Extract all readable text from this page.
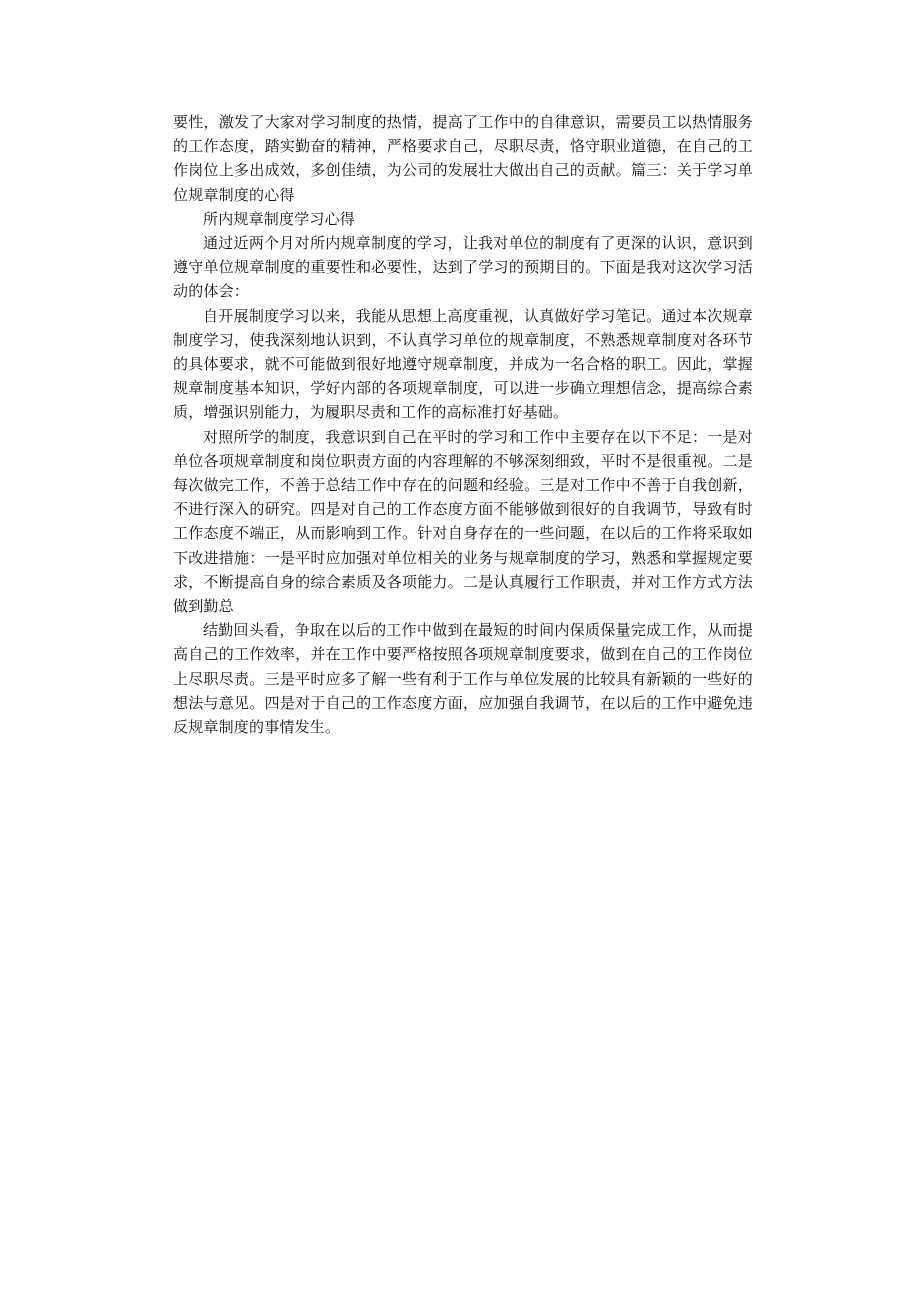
要性，激发了大家对学习制度的热情，提高了工作中的自律意识，需要员工以热情服务的工作态度，踏实勤奋的精神，严格要求自己，尽职尽责，恪守职业道德，在自己的工作岗位上多出成效，多创佳绩，为公司的发展壮大做出自己的贡献。篇三：关于学习单位规章制度的心得

所内规章制度学习心得

通过近两个月对所内规章制度的学习，让我对单位的制度有了更深的认识，意识到遵守单位规章制度的重要性和必要性，达到了学习的预期目的。下面是我对这次学习活动的体会：

自开展制度学习以来，我能从思想上高度重视，认真做好学习笔记。通过本次规章制度学习，使我深刻地认识到，不认真学习单位的规章制度，不熟悉规章制度对各环节的具体要求，就不可能做到很好地遵守规章制度，并成为一名合格的职工。因此，掌握规章制度基本知识，学好内部的各项规章制度，可以进一步确立理想信念，提高综合素质，增强识别能力，为履职尽责和工作的高标准打好基础。

对照所学的制度，我意识到自己在平时的学习和工作中主要存在以下不足：一是对单位各项规章制度和岗位职责方面的内容理解的不够深刻细致，平时不是很重视。二是每次做完工作，不善于总结工作中存在的问题和经验。三是对工作中不善于自我创新，不进行深入的研究。四是对自己的工作态度方面不能够做到很好的自我调节，导致有时工作态度不端正，从而影响到工作。针对自身存在的一些问题，在以后的工作将采取如下改进措施：一是平时应加强对单位相关的业务与规章制度的学习，熟悉和掌握规定要求，不断提高自身的综合素质及各项能力。二是认真履行工作职责，并对工作方式方法做到勤总

结勤回头看，争取在以后的工作中做到在最短的时间内保质保量完成工作，从而提高自己的工作效率，并在工作中要严格按照各项规章制度要求，做到在自己的工作岗位上尽职尽责。三是平时应多了解一些有利于工作与单位发展的比较具有新颖的一些好的想法与意见。四是对于自己的工作态度方面，应加强自我调节，在以后的工作中避免违反规章制度的事情发生。
